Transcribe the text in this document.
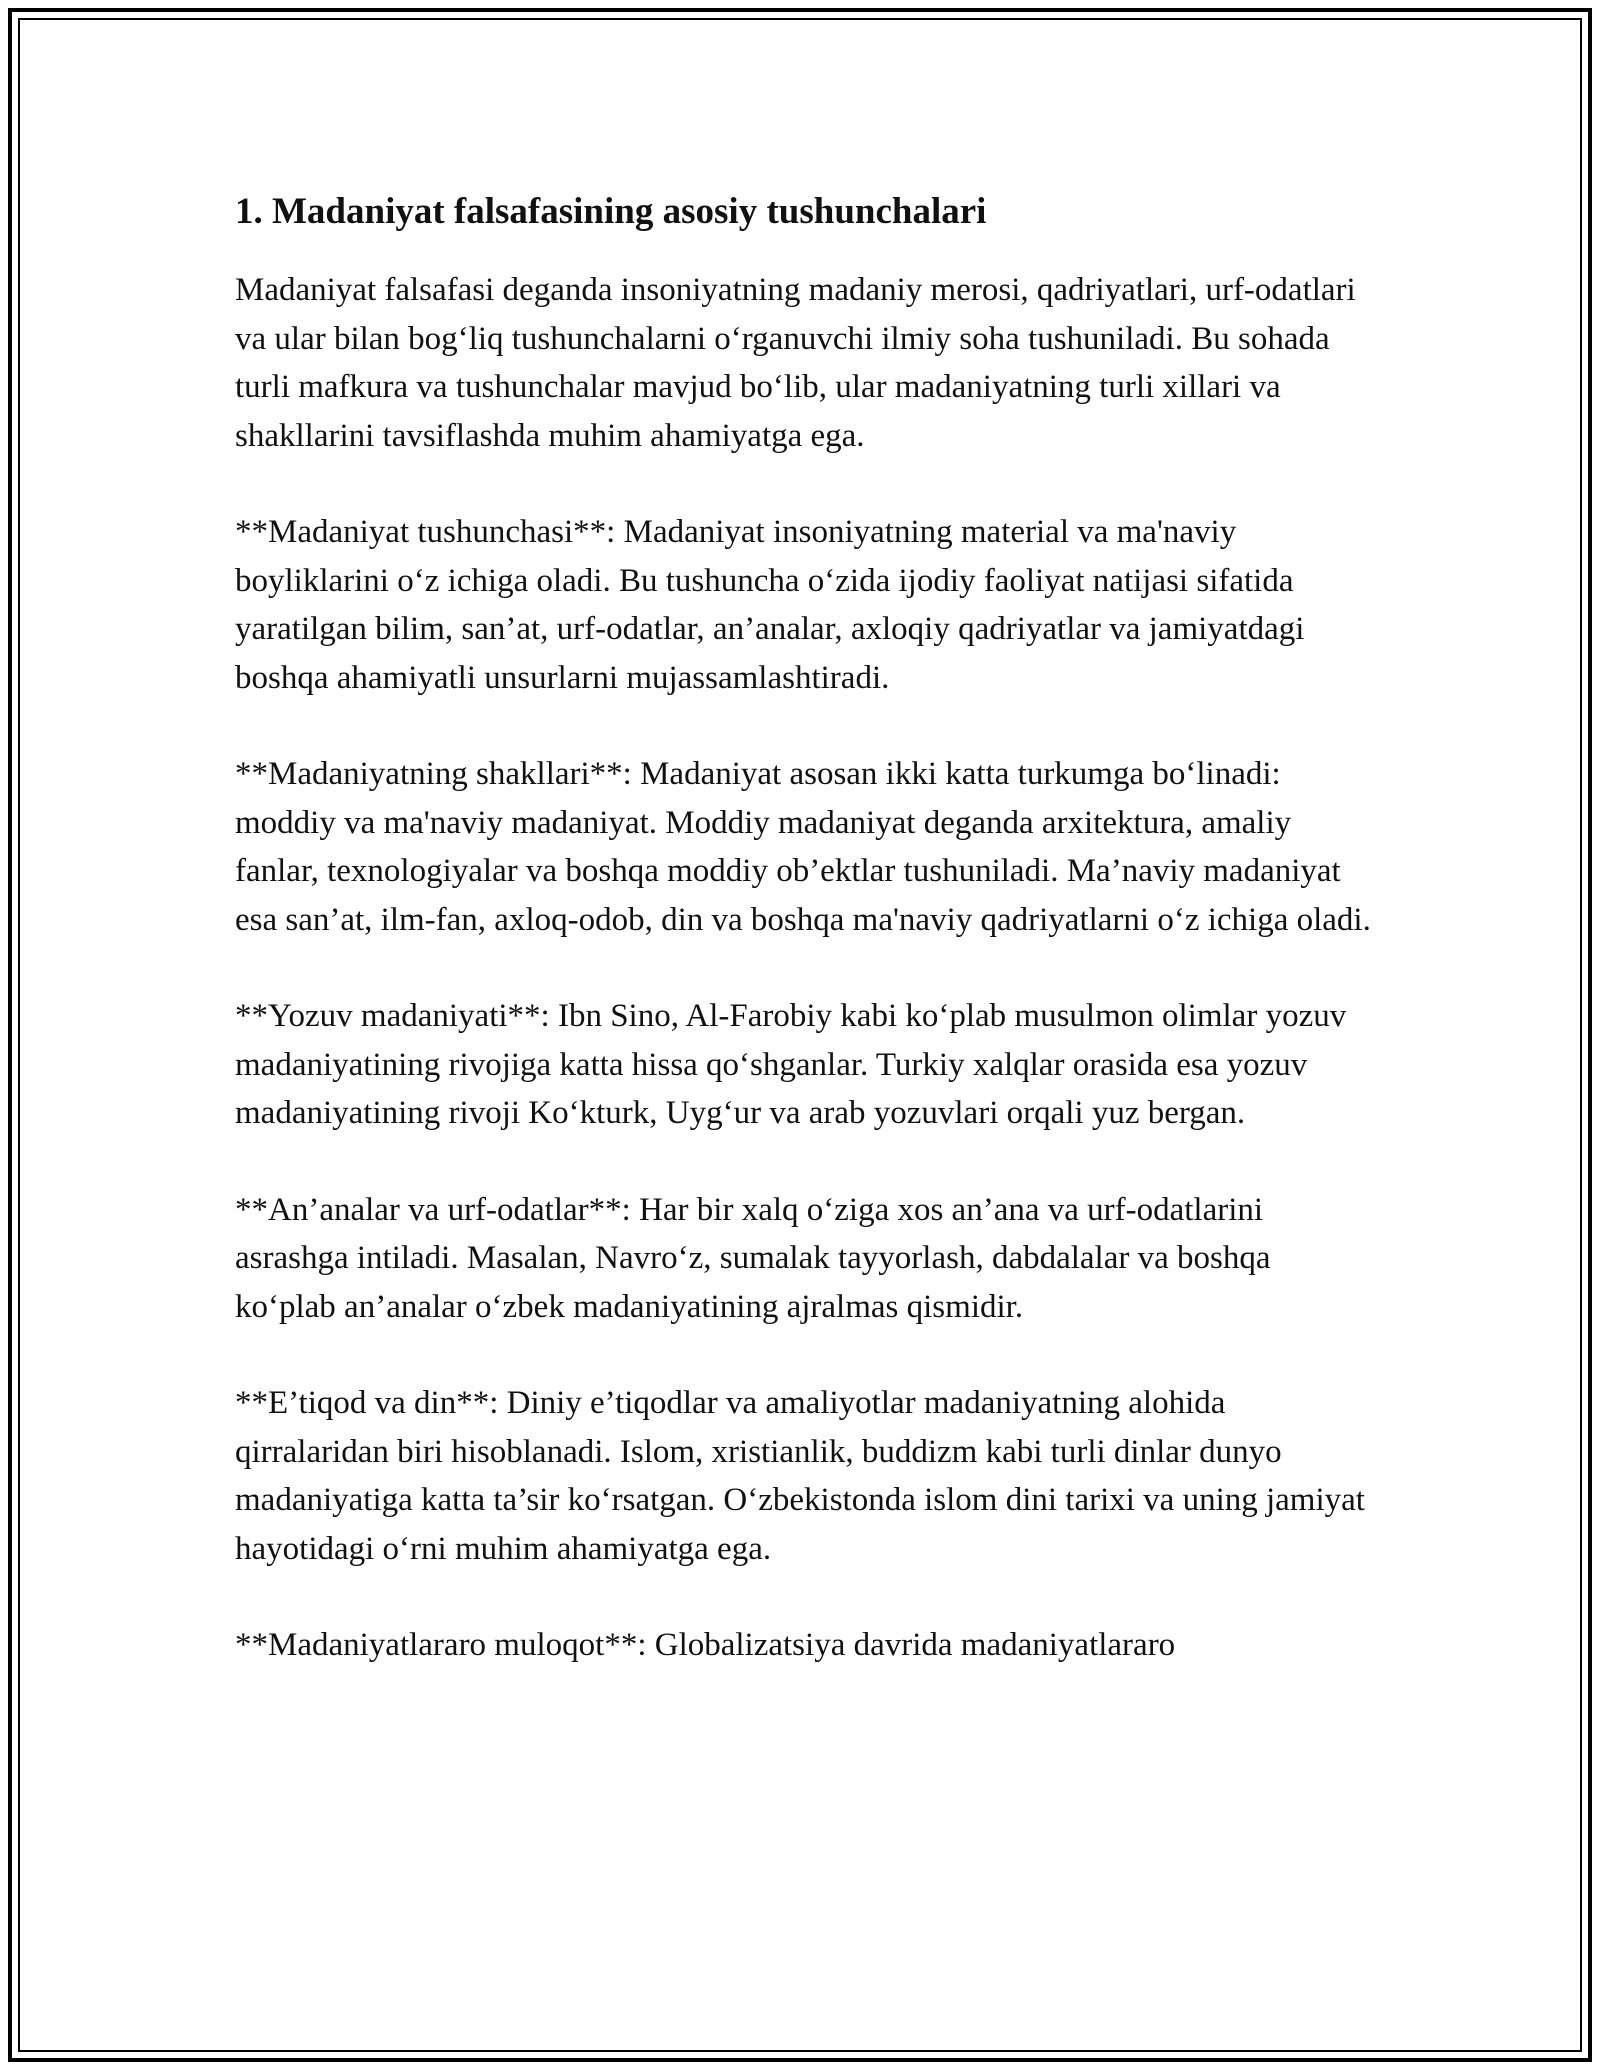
1. Madaniyat falsafasining asosiy tushunchalari

Madaniyat falsafasi deganda insoniyatning madaniy merosi, qadriyatlari, urf-odatlari va ular bilan bog‘liq tushunchalarni o‘rganuvchi ilmiy soha tushuniladi. Bu sohada turli mafkura va tushunchalar mavjud bo‘lib, ular madaniyatning turli xillari va shakllarini tavsiflashda muhim ahamiyatga ega.

**Madaniyat tushunchasi**: Madaniyat insoniyatning material va ma'naviy boyliklarini o‘z ichiga oladi. Bu tushuncha o‘zida ijodiy faoliyat natijasi sifatida yaratilgan bilim, san’at, urf-odatlar, an’analar, axloqiy qadriyatlar va jamiyatdagi boshqa ahamiyatli unsurlarni mujassamlashtiradi.

**Madaniyatning shakllari**: Madaniyat asosan ikki katta turkumga bo‘linadi: moddiy va ma'naviy madaniyat. Moddiy madaniyat deganda arxitektura, amaliy fanlar, texnologiyalar va boshqa moddiy ob’ektlar tushuniladi. Ma’naviy madaniyat esa san’at, ilm-fan, axloq-odob, din va boshqa ma'naviy qadriyatlarni o‘z ichiga oladi.

**Yozuv madaniyati**: Ibn Sino, Al-Farobiy kabi ko‘plab musulmon olimlar yozuv madaniyatining rivojiga katta hissa qo‘shganlar. Turkiy xalqlar orasida esa yozuv madaniyatining rivoji Ko‘kturk, Uyg‘ur va arab yozuvlari orqali yuz bergan.

**An’analar va urf-odatlar**: Har bir xalq o‘ziga xos an’ana va urf-odatlarini asrashga intiladi. Masalan, Navro‘z, sumalak tayyorlash, dabdalalar va boshqa ko‘plab an’analar o‘zbek madaniyatining ajralmas qismidir.

**E’tiqod va din**: Diniy e’tiqodlar va amaliyotlar madaniyatning alohida qirralaridan biri hisoblanadi. Islom, xristianlik, buddizm kabi turli dinlar dunyo madaniyatiga katta ta’sir ko‘rsatgan. O‘zbekistonda islom dini tarixi va uning jamiyat hayotidagi o‘rni muhim ahamiyatga ega.

**Madaniyatlararo muloqot**: Globalizatsiya davrida madaniyatlararo
